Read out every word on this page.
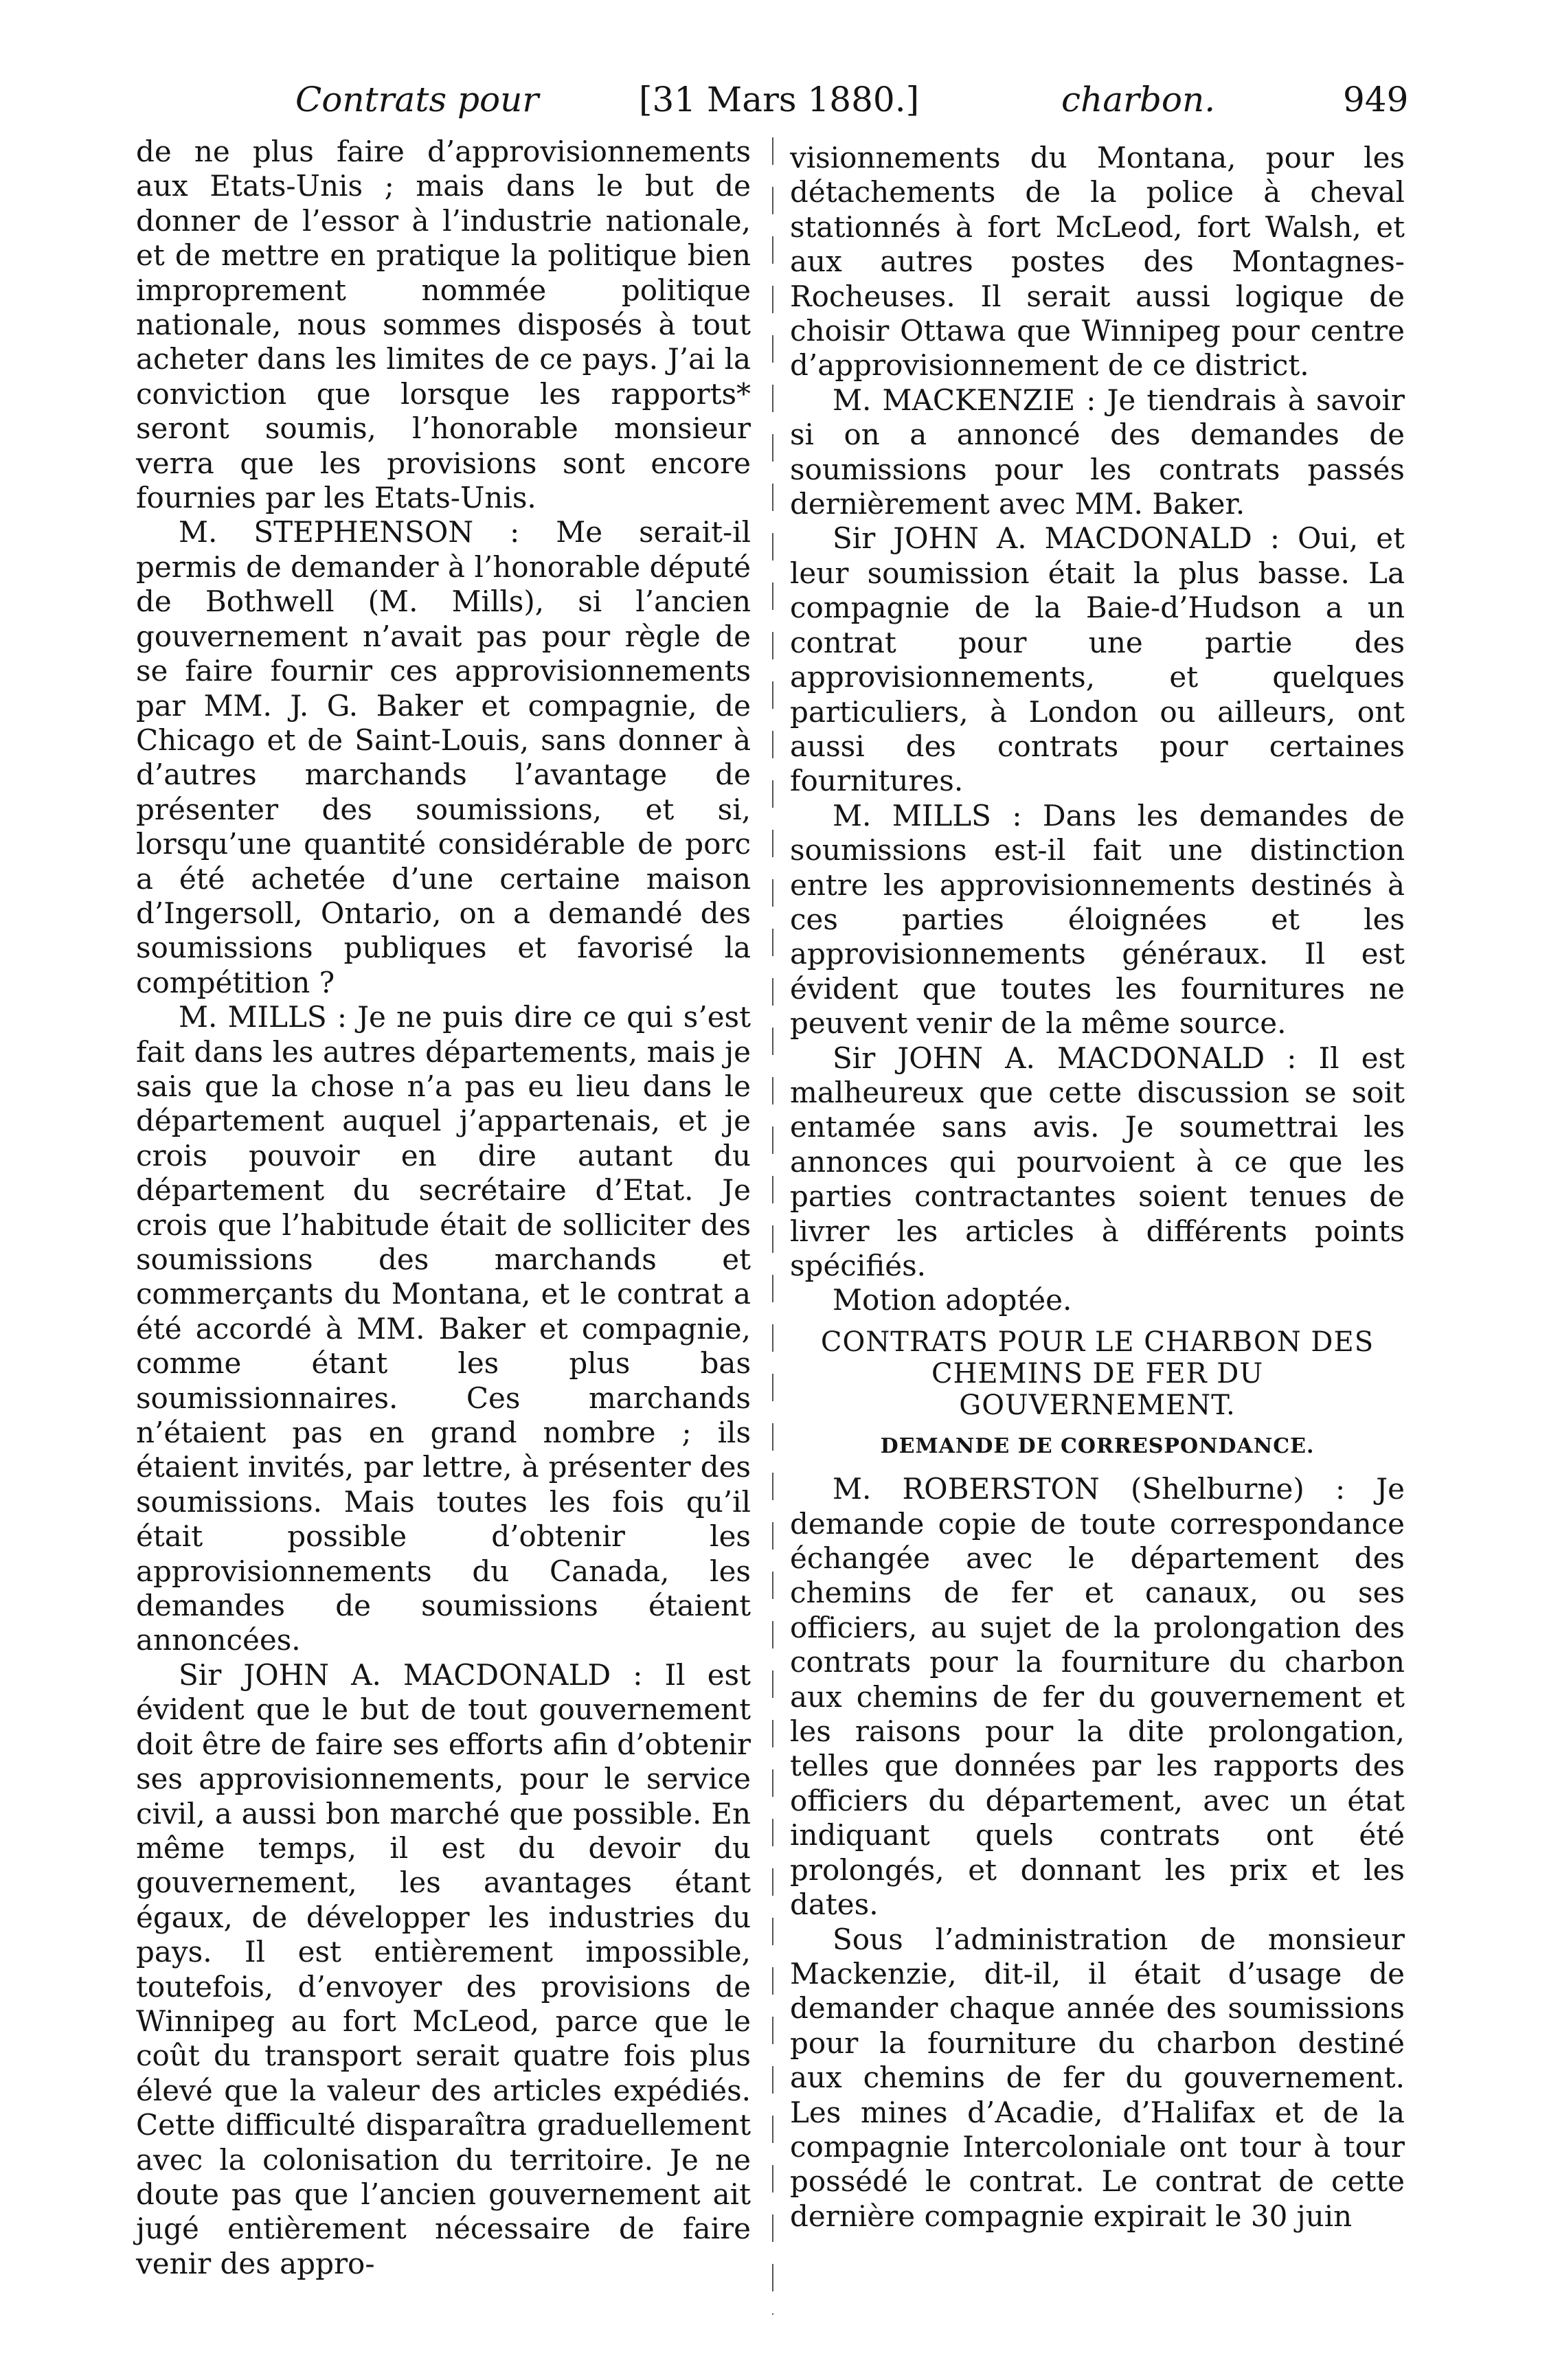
Contrats pour	[31 Mars 1880.]	charbon.	949

de ne plus faire d’approvisionnements aux Etats-Unis ; mais dans le but de donner de l’essor à l’industrie nationale, et de mettre en pratique la politique bien improprement nommée politique nationale, nous sommes disposés à tout acheter dans les limites de ce pays. J’ai la conviction que lorsque les rapports* seront soumis, l’honorable monsieur verra que les provisions sont encore fournies par les Etats-Unis.

M. STEPHENSON : Me serait-il permis de demander à l’honorable député de Bothwell (M. Mills), si l’ancien gouvernement n’avait pas pour règle de se faire fournir ces approvisionnements par MM. J. G. Baker et compagnie, de Chicago et de Saint-Louis, sans donner à d’autres marchands l’avantage de présenter des soumissions, et si, lorsqu’une quantité considérable de porc a été achetée d’une certaine maison d’Ingersoll, Ontario, on a demandé des soumissions publiques et favorisé la compétition ?

M. MILLS : Je ne puis dire ce qui s’est fait dans les autres départements, mais je sais que la chose n’a pas eu lieu dans le département auquel j’appartenais, et je crois pouvoir en dire autant du département du secrétaire d’Etat. Je crois que l’habitude était de solliciter des soumissions des marchands et commerçants du Montana, et le contrat a été accordé à MM. Baker et compagnie, comme étant les plus bas soumissionnaires. Ces marchands n’étaient pas en grand nombre ; ils étaient invités, par lettre, à présenter des soumissions. Mais toutes les fois qu’il était possible d’obtenir les approvisionnements du Canada, les demandes de soumissions étaient annoncées.

Sir JOHN A. MACDONALD : Il est évident que le but de tout gouvernement doit être de faire ses efforts afin d’obtenir ses approvisionnements, pour le service civil, a aussi bon marché que possible. En même temps, il est du devoir du gouvernement, les avantages étant égaux, de développer les industries du pays. Il est entièrement impossible, toutefois, d’envoyer des provisions de Winnipeg au fort McLeod, parce que le coût du transport serait quatre fois plus élevé que la valeur des articles expédiés. Cette difficulté disparaîtra graduellement avec la colonisation du territoire. Je ne doute pas que l’ancien gouvernement ait jugé entièrement nécessaire de faire venir des appro-

visionnements du Montana, pour les détachements de la police à cheval stationnés à fort McLeod, fort Walsh, et aux autres postes des Montagnes-Rocheuses. Il serait aussi logique de choisir Ottawa que Winnipeg pour centre d’approvisionnement de ce district.

M. MACKENZIE : Je tiendrais à savoir si on a annoncé des demandes de soumissions pour les contrats passés dernièrement avec MM. Baker.

Sir JOHN A. MACDONALD : Oui, et leur soumission était la plus basse. La compagnie de la Baie-d’Hudson a un contrat pour une partie des approvisionnements, et quelques particuliers, à London ou ailleurs, ont aussi des contrats pour certaines fournitures.

M. MILLS : Dans les demandes de soumissions est-il fait une distinction entre les approvisionnements destinés à ces parties éloignées et les approvisionnements généraux. Il est évident que toutes les fournitures ne peuvent venir de la même source.

Sir JOHN A. MACDONALD : Il est malheureux que cette discussion se soit entamée sans avis. Je soumettrai les annonces qui pourvoient à ce que les parties contractantes soient tenues de livrer les articles à différents points spécifiés.

Motion adoptée.

CONTRATS POUR LE CHARBON DES CHEMINS DE FER DU GOUVERNEMENT.
DEMANDE DE CORRESPONDANCE.

M. ROBERSTON (Shelburne) : Je demande copie de toute correspondance échangée avec le département des chemins de fer et canaux, ou ses officiers, au sujet de la prolongation des contrats pour la fourniture du charbon aux chemins de fer du gouvernement et les raisons pour la dite prolongation, telles que données par les rapports des officiers du département, avec un état indiquant quels contrats ont été prolongés, et donnant les prix et les dates.

Sous l’administration de monsieur Mackenzie, dit-il, il était d’usage de demander chaque année des soumissions pour la fourniture du charbon destiné aux chemins de fer du gouvernement. Les mines d’Acadie, d’Halifax et de la compagnie Intercoloniale ont tour à tour possédé le contrat. Le contrat de cette dernière compagnie expirait le 30 juin
